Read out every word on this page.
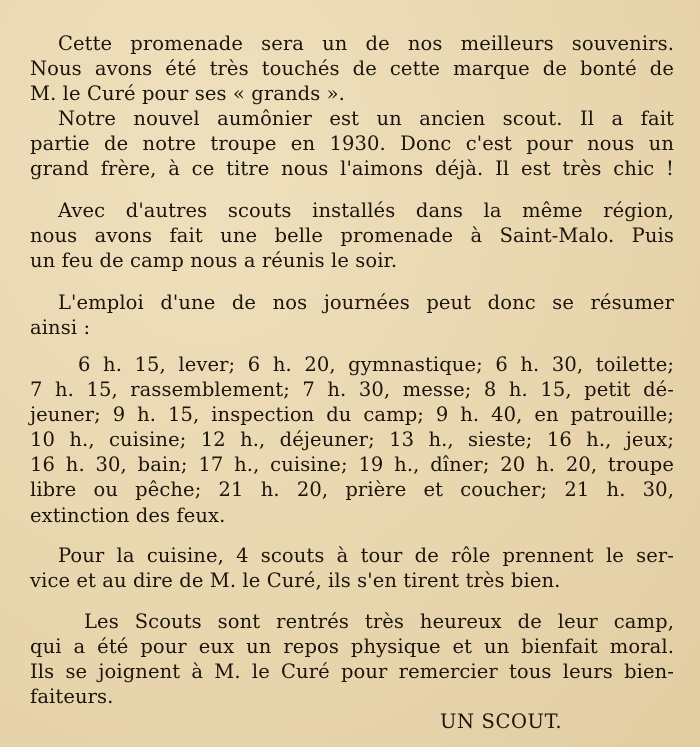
Cette promenade sera un de nos meilleurs souvenirs.
Nous avons été très touchés de cette marque de bonté de
M. le Curé pour ses « grands ».
Notre nouvel aumônier est un ancien scout. Il a fait
partie de notre troupe en 1930. Donc c'est pour nous un
grand frère, à ce titre nous l'aimons déjà. Il est très chic !
Avec d'autres scouts installés dans la même région,
nous avons fait une belle promenade à Saint-Malo. Puis
un feu de camp nous a réunis le soir.
L'emploi d'une de nos journées peut donc se résumer
ainsi :
6 h. 15, lever; 6 h. 20, gymnastique; 6 h. 30, toilette;
7 h. 15, rassemblement; 7 h. 30, messe; 8 h. 15, petit dé-
jeuner; 9 h. 15, inspection du camp; 9 h. 40, en patrouille;
10 h., cuisine; 12 h., déjeuner; 13 h., sieste; 16 h., jeux;
16 h. 30, bain; 17 h., cuisine; 19 h., dîner; 20 h. 20, troupe
libre ou pêche; 21 h. 20, prière et coucher; 21 h. 30,
extinction des feux.
Pour la cuisine, 4 scouts à tour de rôle prennent le ser-
vice et au dire de M. le Curé, ils s'en tirent très bien.
Les Scouts sont rentrés très heureux de leur camp,
qui a été pour eux un repos physique et un bienfait moral.
Ils se joignent à M. le Curé pour remercier tous leurs bien-
faiteurs.
UN SCOUT.
